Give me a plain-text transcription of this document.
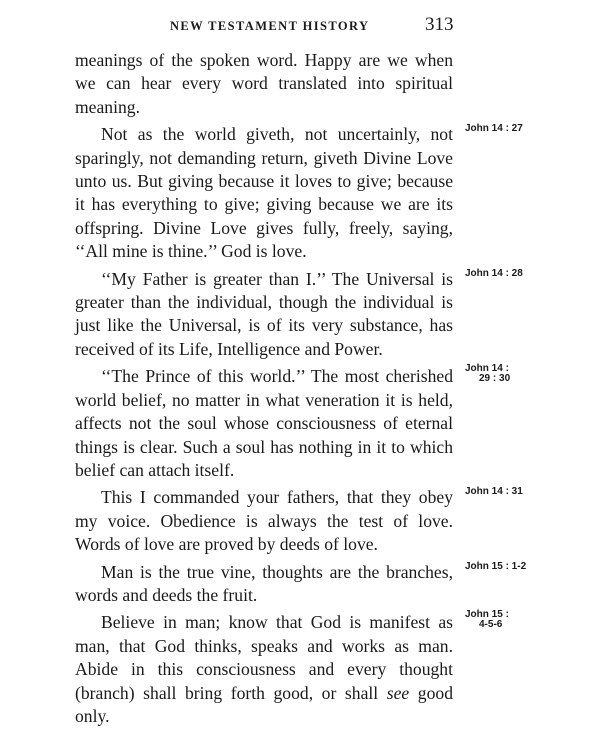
NEW TESTAMENT HISTORY	313

meanings of the spoken word. Happy are we when we can hear every word translated into spiritual meaning.

John 14 : 27
Not as the world giveth, not uncertainly, not sparingly, not demanding return, giveth Divine Love unto us. But giving because it loves to give; because it has everything to give; giving because we are its offspring. Divine Love gives fully, freely, saying, ‘‘All mine is thine.’’ God is love.

John 14 : 28
‘‘My Father is greater than I.’’ The Universal is greater than the individual, though the individual is just like the Universal, is of its very substance, has received of its Life, Intelligence and Power.

John 14 :
29 : 30
‘‘The Prince of this world.’’ The most cherished world belief, no matter in what veneration it is held, affects not the soul whose consciousness of eternal things is clear. Such a soul has nothing in it to which belief can attach itself.

John 14 : 31
This I commanded your fathers, that they obey my voice. Obedience is always the test of love. Words of love are proved by deeds of love.

John 15 : 1-2
Man is the true vine, thoughts are the branches, words and deeds the fruit.

John 15 :
4-5-6
Believe in man; know that God is manifest as man, that God thinks, speaks and works as man. Abide in this consciousness and every thought (branch) shall bring forth good, or shall see good only.
